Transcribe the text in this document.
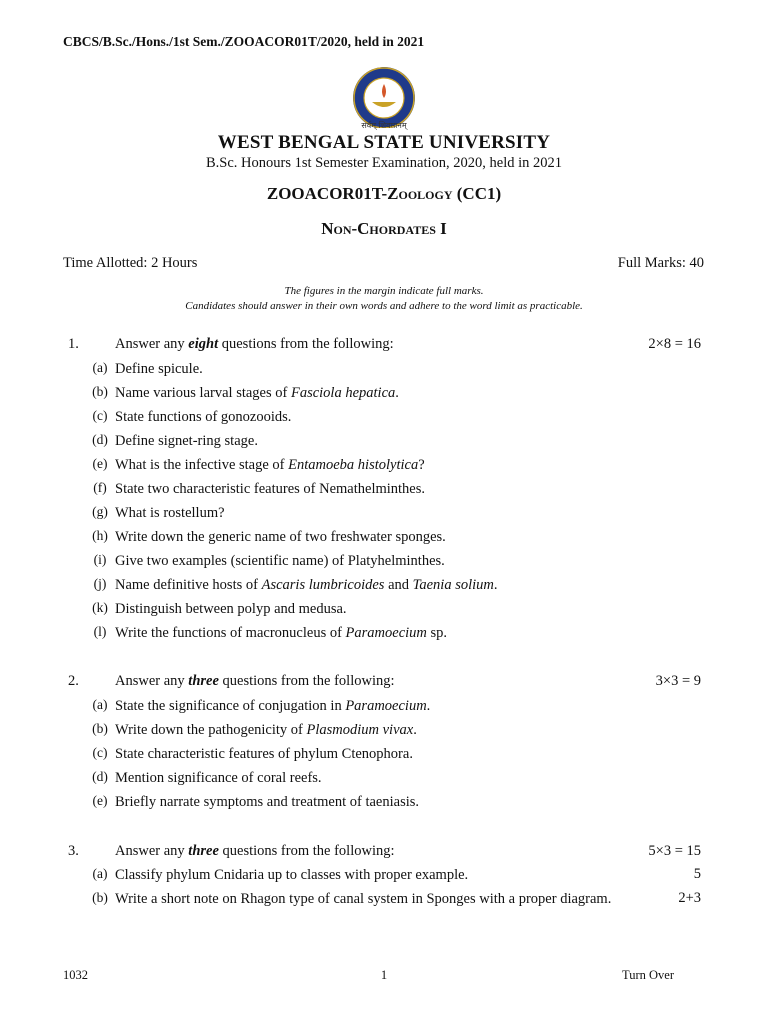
CBCS/B.Sc./Hons./1st Sem./ZOOACOR01T/2020, held in 2021
सर्वम् शिवमानम्
WEST BENGAL STATE UNIVERSITY
B.Sc. Honours 1st Semester Examination, 2020, held in 2021
ZOOACOR01T-Zoology (CC1)
Non-Chordates I
Time Allotted: 2 Hours	Full Marks: 40
The figures in the margin indicate full marks.
Candidates should answer in their own words and adhere to the word limit as practicable.
1. Answer any eight questions from the following:	2×8 = 16
(a) Define spicule.
(b) Name various larval stages of Fasciola hepatica.
(c) State functions of gonozooids.
(d) Define signet-ring stage.
(e) What is the infective stage of Entamoeba histolytica?
(f) State two characteristic features of Nemathelminthes.
(g) What is rostellum?
(h) Write down the generic name of two freshwater sponges.
(i) Give two examples (scientific name) of Platyhelminthes.
(j) Name definitive hosts of Ascaris lumbricoides and Taenia solium.
(k) Distinguish between polyp and medusa.
(l) Write the functions of macronucleus of Paramoecium sp.
2. Answer any three questions from the following:	3×3 = 9
(a) State the significance of conjugation in Paramoecium.
(b) Write down the pathogenicity of Plasmodium vivax.
(c) State characteristic features of phylum Ctenophora.
(d) Mention significance of coral reefs.
(e) Briefly narrate symptoms and treatment of taeniasis.
3. Answer any three questions from the following:	5×3 = 15
(a) Classify phylum Cnidaria up to classes with proper example.	5
(b) Write a short note on Rhagon type of canal system in Sponges with a proper diagram.	2+3
1032	1	Turn Over
